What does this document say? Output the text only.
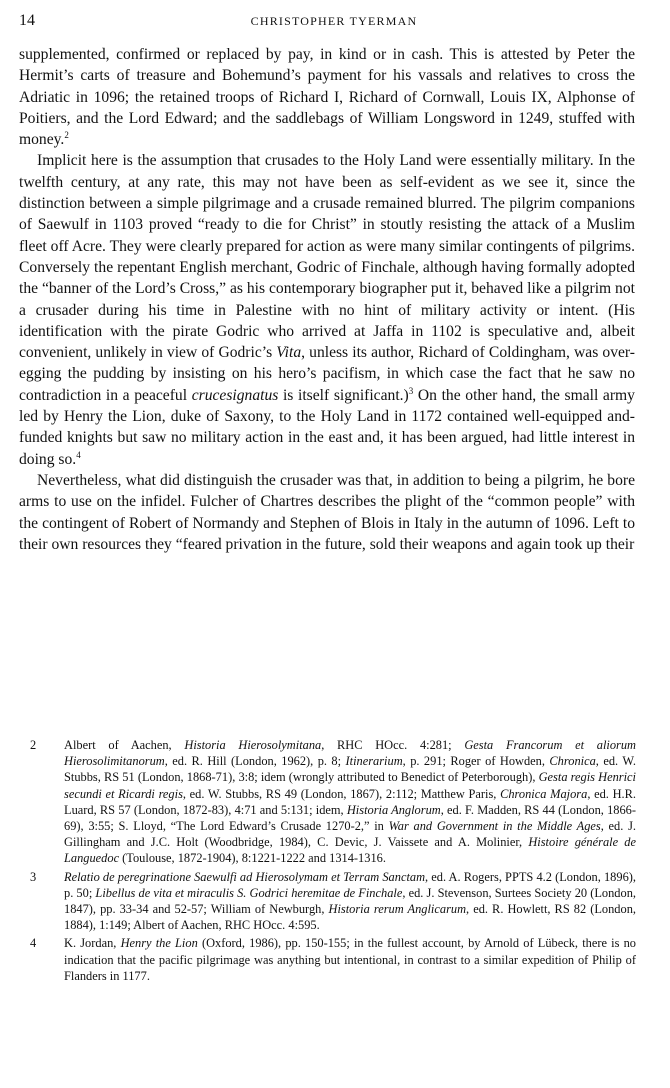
14	CHRISTOPHER TYERMAN

supplemented, confirmed or replaced by pay, in kind or in cash. This is attested by Peter the Hermit’s carts of treasure and Bohemund’s payment for his vassals and relatives to cross the Adriatic in 1096; the retained troops of Richard I, Richard of Cornwall, Louis IX, Alphonse of Poitiers, and the Lord Edward; and the saddlebags of William Longsword in 1249, stuffed with money.$^2$

Implicit here is the assumption that crusades to the Holy Land were essentially military. In the twelfth century, at any rate, this may not have been as self-evident as we see it, since the distinction between a simple pilgrimage and a crusade remained blurred. The pilgrim companions of Saewulf in 1103 proved “ready to die for Christ” in stoutly resisting the attack of a Muslim fleet off Acre. They were clearly prepared for action as were many similar contingents of pilgrims. Conversely the repentant English merchant, Godric of Finchale, although having formally adopted the “banner of the Lord’s Cross,” as his contemporary biographer put it, behaved like a pilgrim not a crusader during his time in Palestine with no hint of military activity or intent. (His identification with the pirate Godric who arrived at Jaffa in 1102 is speculative and, albeit convenient, unlikely in view of Godric’s Vita, unless its author, Richard of Coldingham, was over-egging the pudding by insisting on his hero’s pacifism, in which case the fact that he saw no contradiction in a peaceful crucesignatus is itself significant.)$^3$ On the other hand, the small army led by Henry the Lion, duke of Saxony, to the Holy Land in 1172 contained well-equipped and- funded knights but saw no military action in the east and, it has been argued, had little interest in doing so.$^4$

Nevertheless, what did distinguish the crusader was that, in addition to being a pilgrim, he bore arms to use on the infidel. Fulcher of Chartres describes the plight of the “common people” with the contingent of Robert of Normandy and Stephen of Blois in Italy in the autumn of 1096. Left to their own resources they “feared privation in the future, sold their weapons and again took up their

2 Albert of Aachen, Historia Hierosolymitana, RHC HOcc. 4:281; Gesta Francorum et aliorum Hierosolimitanorum, ed. R. Hill (London, 1962), p. 8; Itinerarium, p. 291; Roger of Howden, Chronica, ed. W. Stubbs, RS 51 (London, 1868-71), 3:8; idem (wrongly attributed to Benedict of Peterborough), Gesta regis Henrici secundi et Ricardi regis, ed. W. Stubbs, RS 49 (London, 1867), 2:112; Matthew Paris, Chronica Majora, ed. H.R. Luard, RS 57 (London, 1872-83), 4:71 and 5:131; idem, Historia Anglorum, ed. F. Madden, RS 44 (London, 1866-69), 3:55; S. Lloyd, “The Lord Edward’s Crusade 1270-2,” in War and Government in the Middle Ages, ed. J. Gillingham and J.C. Holt (Woodbridge, 1984), C. Devic, J. Vaissete and A. Molinier, Histoire générale de Languedoc (Toulouse, 1872-1904), 8:1221-1222 and 1314-1316.
3 Relatio de peregrinatione Saewulfi ad Hierosolymam et Terram Sanctam, ed. A. Rogers, PPTS 4.2 (London, 1896), p. 50; Libellus de vita et miraculis S. Godrici heremitae de Finchale, ed. J. Stevenson, Surtees Society 20 (London, 1847), pp. 33-34 and 52-57; William of Newburgh, Historia rerum Anglicarum, ed. R. Howlett, RS 82 (London, 1884), 1:149; Albert of Aachen, RHC HOcc. 4:595.
4 K. Jordan, Henry the Lion (Oxford, 1986), pp. 150-155; in the fullest account, by Arnold of Lübeck, there is no indication that the pacific pilgrimage was anything but intentional, in contrast to a similar expedition of Philip of Flanders in 1177.
